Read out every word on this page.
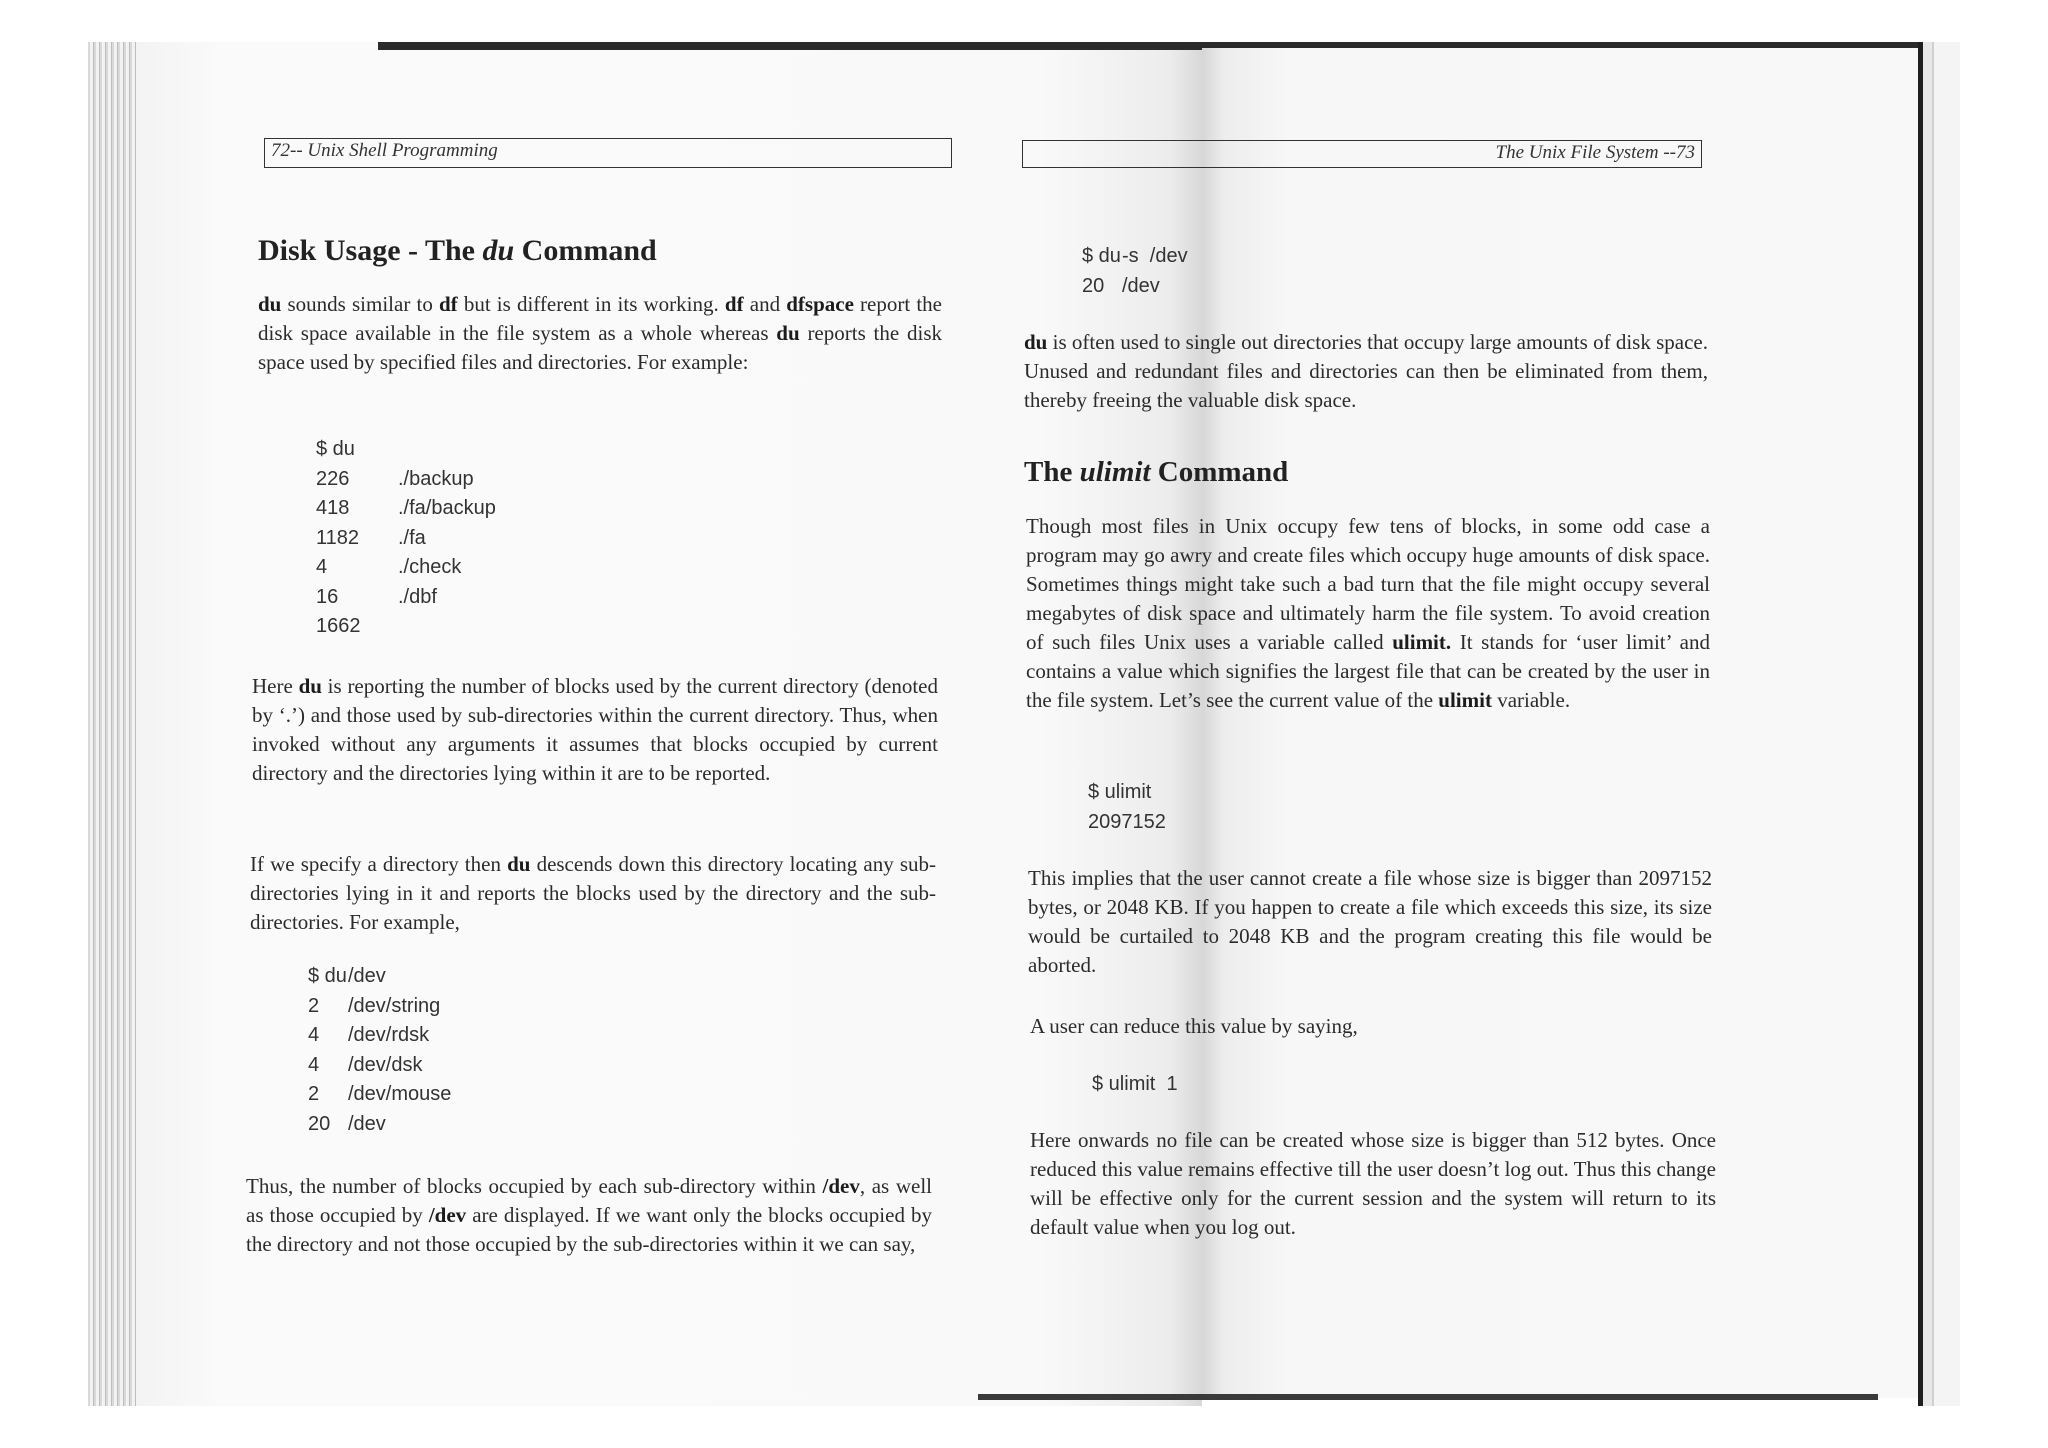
72-- Unix Shell Programming
Disk Usage - The du Command
du sounds similar to df but is different in its working. df and dfspace report the disk space available in the file system as a whole whereas du reports the disk space used by specified files and directories. For example:
$ du
226 ./backup
418 ./fa/backup
1182 ./fa
4	./check
16	./dbf
1662
Here du is reporting the number of blocks used by the current directory (denoted by ‘.’) and those used by sub-directories within the current directory. Thus, when invoked without any arguments it assumes that blocks occupied by current directory and the directories lying within it are to be reported.
If we specify a directory then du descends down this directory locating any sub-directories lying in it and reports the blocks used by the directory and the sub-directories. For example,
$ du/dev
2 /dev/string
4 /dev/rdsk
4 /dev/dsk
2 /dev/mouse
20 /dev
Thus, the number of blocks occupied by each sub-directory within /dev, as well as those occupied by /dev are displayed. If we want only the blocks occupied by the directory and not those occupied by the sub-directories within it we can say,
The Unix File System --73
$ du-s  /dev
20 /dev
du is often used to single out directories that occupy large amounts of disk space. Unused and redundant files and directories can then be eliminated from them, thereby freeing the valuable disk space.
The ulimit Command
Though most files in Unix occupy few tens of blocks, in some odd case a program may go awry and create files which occupy huge amounts of disk space. Sometimes things might take such a bad turn that the file might occupy several megabytes of disk space and ultimately harm the file system. To avoid creation of such files Unix uses a variable called ulimit. It stands for ‘user limit’ and contains a value which signifies the largest file that can be created by the user in the file system. Let’s see the current value of the ulimit variable.
$ ulimit
2097152
This implies that the user cannot create a file whose size is bigger than 2097152 bytes, or 2048 KB. If you happen to create a file which exceeds this size, its size would be curtailed to 2048 KB and the program creating this file would be aborted.
A user can reduce this value by saying,
$ ulimit  1
Here onwards no file can be created whose size is bigger than 512 bytes. Once reduced this value remains effective till the user doesn’t log out. Thus this change will be effective only for the current session and the system will return to its default value when you log out.
